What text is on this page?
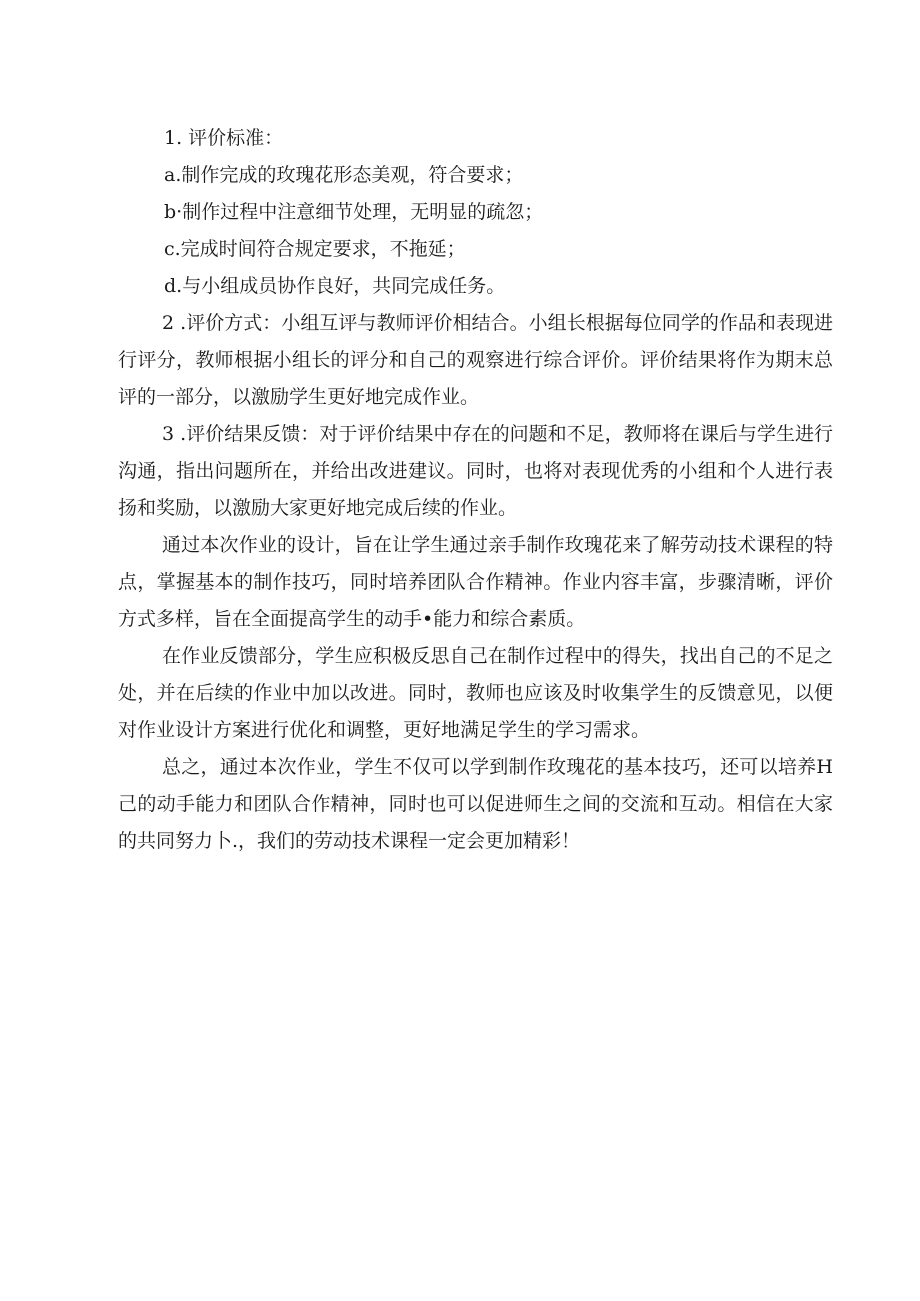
1. 评价标准：

a.制作完成的玫瑰花形态美观，符合要求；

b·制作过程中注意细节处理，无明显的疏忽；

c.完成时间符合规定要求，不拖延；

d.与小组成员协作良好，共同完成任务。

2 .评价方式：小组互评与教师评价相结合。小组长根据每位同学的作品和表现进行评分，教师根据小组长的评分和自己的观察进行综合评价。评价结果将作为期末总评的一部分，以激励学生更好地完成作业。

3 .评价结果反馈：对于评价结果中存在的问题和不足，教师将在课后与学生进行沟通，指出问题所在，并给出改进建议。同时，也将对表现优秀的小组和个人进行表扬和奖励，以激励大家更好地完成后续的作业。

通过本次作业的设计，旨在让学生通过亲手制作玫瑰花来了解劳动技术课程的特点，掌握基本的制作技巧，同时培养团队合作精神。作业内容丰富，步骤清晰，评价方式多样，旨在全面提高学生的动手•能力和综合素质。

在作业反馈部分，学生应积极反思自己在制作过程中的得失，找出自己的不足之处，并在后续的作业中加以改进。同时，教师也应该及时收集学生的反馈意见，以便对作业设计方案进行优化和调整，更好地满足学生的学习需求。

总之，通过本次作业，学生不仅可以学到制作玫瑰花的基本技巧，还可以培养H己的动手能力和团队合作精神，同时也可以促进师生之间的交流和互动。相信在大家的共同努力卜.，我们的劳动技术课程一定会更加精彩！
